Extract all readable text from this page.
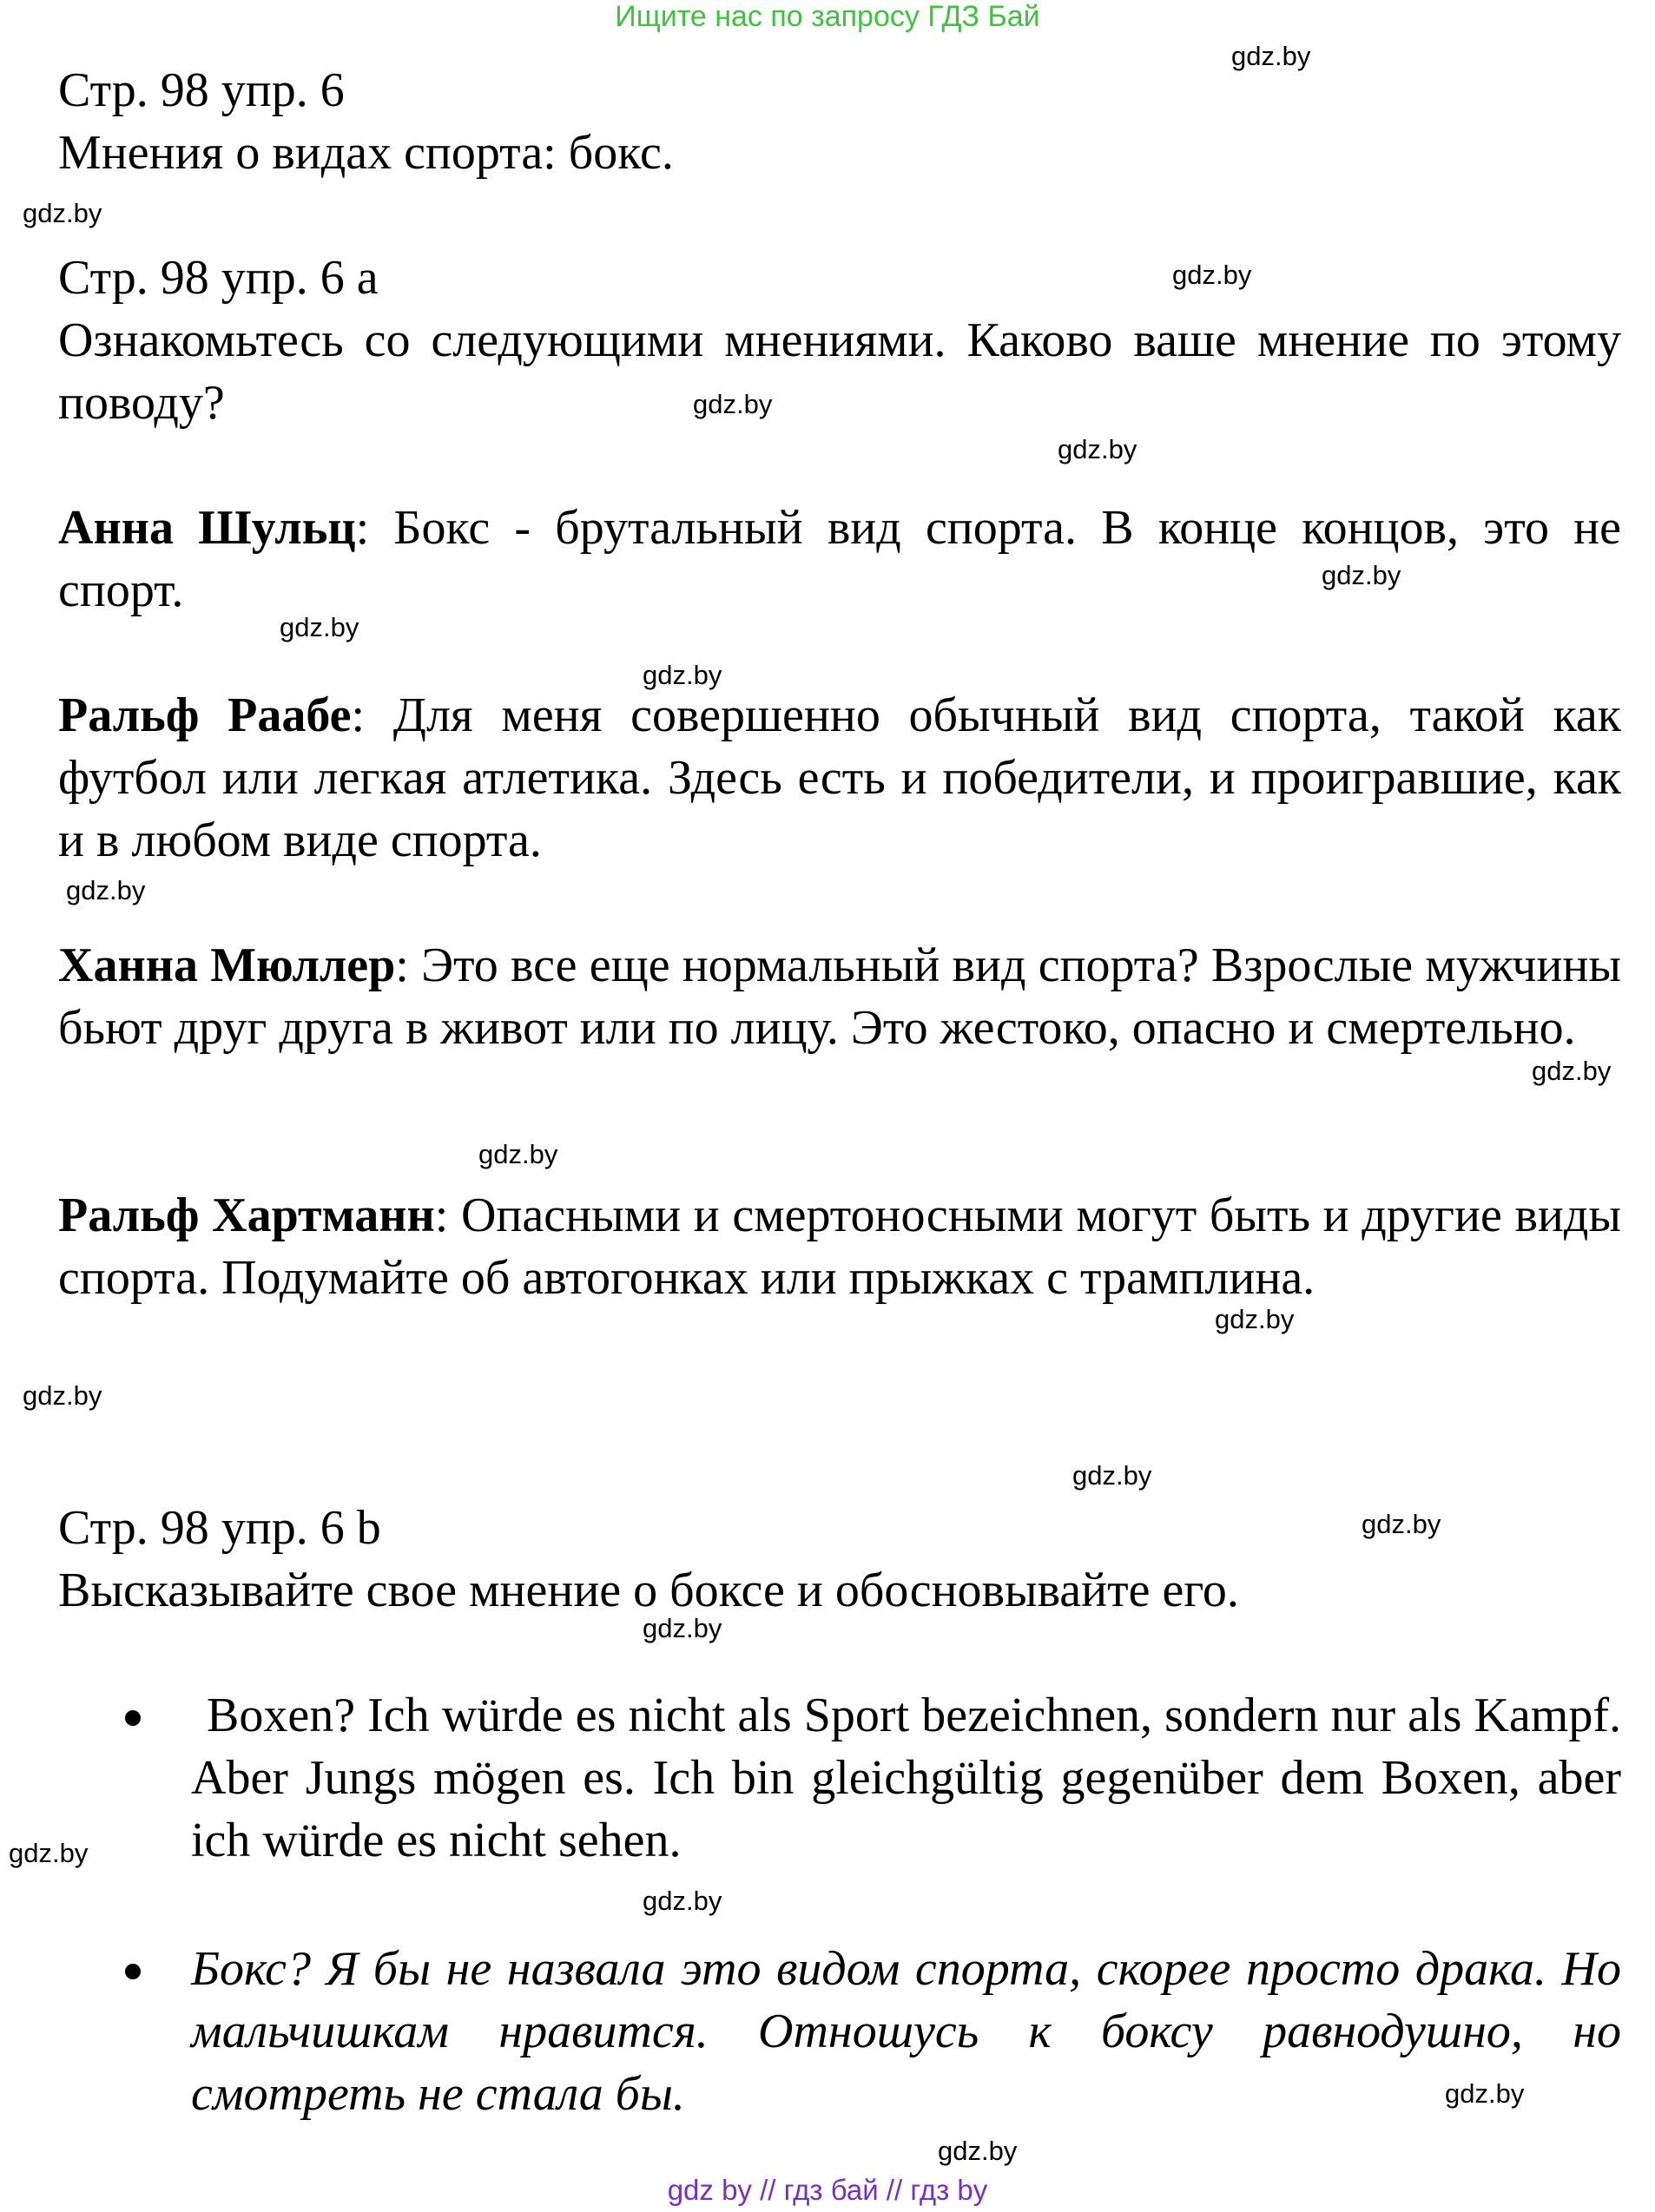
Ищите нас по запросу ГДЗ Бай
Стр. 98 упр. 6
Мнения о видах спорта: бокс.
Стр. 98 упр. 6 а
Ознакомьтесь со следующими мнениями. Каково ваше мнение по этому поводу?
Анна Шульц: Бокс - брутальный вид спорта. В конце концов, это не спорт.
Ральф Раабе: Для меня совершенно обычный вид спорта, такой как футбол или легкая атлетика. Здесь есть и победители, и проигравшие, как и в любом виде спорта.
Ханна Мюллер: Это все еще нормальный вид спорта? Взрослые мужчины бьют друг друга в живот или по лицу. Это жестоко, опасно и смертельно.
Ральф Хартманн: Опасными и смертоносными могут быть и другие виды спорта. Подумайте об автогонках или прыжках с трамплина.
Стр. 98 упр. 6 b
Высказывайте свое мнение о боксе и обосновывайте его.
Boxen? Ich würde es nicht als Sport bezeichnen, sondern nur als Kampf. Aber Jungs mögen es. Ich bin gleichgültig gegenüber dem Boxen, aber ich würde es nicht sehen.
Бокс? Я бы не назвала это видом спорта, скорее просто драка. Но мальчишкам нравится. Отношусь к боксу равнодушно, но смотреть не стала бы.
gdz.by
gdz.by
gdz.by
gdz.by
gdz.by
gdz.by
gdz.by
gdz.by
gdz.by
gdz.by
gdz.by
gdz.by
gdz.by
gdz.by
gdz.by
gdz.by
gdz.by
gdz.by
gdz.by
gdz.by
gdz by // гдз бай // гдз by
